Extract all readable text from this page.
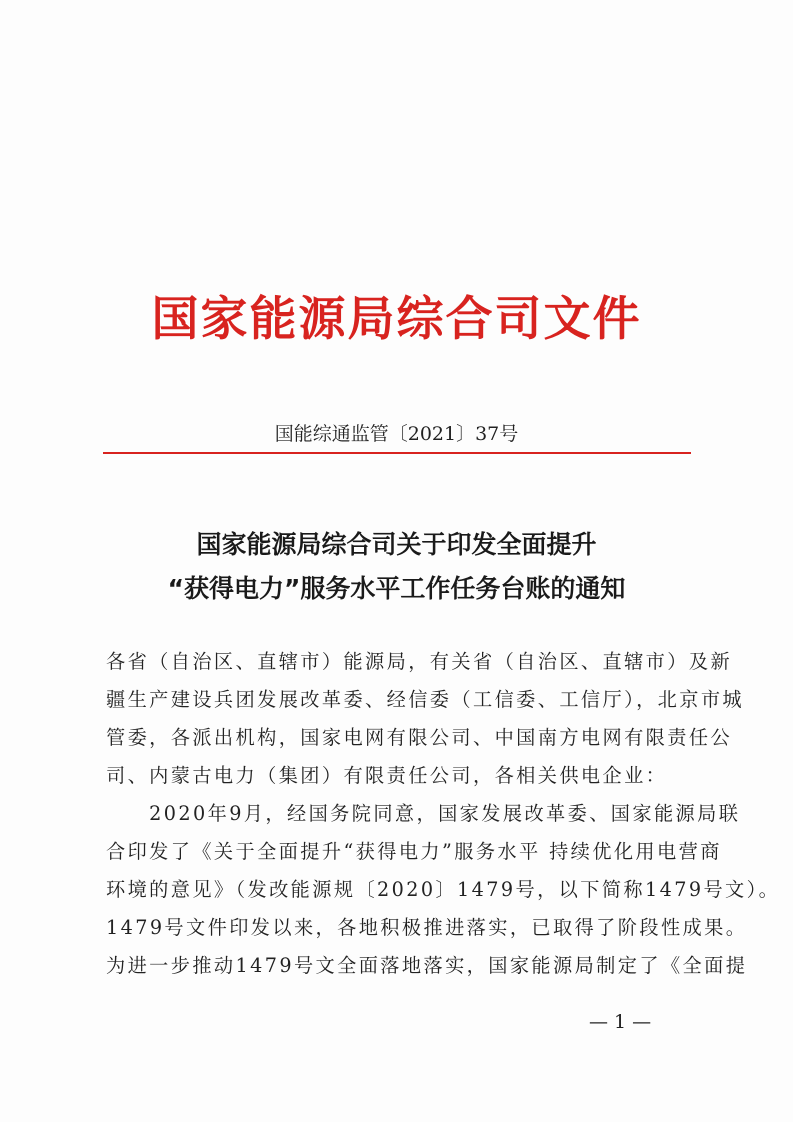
国家能源局综合司文件
国能综通监管〔2021〕37号
国家能源局综合司关于印发全面提升
“获得电力”服务水平工作任务台账的通知
各省（自治区、直辖市）能源局，有关省（自治区、直辖市）及新
疆生产建设兵团发展改革委、经信委（工信委、工信厅），北京市城
管委，各派出机构，国家电网有限公司、中国南方电网有限责任公
司、内蒙古电力（集团）有限责任公司，各相关供电企业：
　　2020年9月，经国务院同意，国家发展改革委、国家能源局联
合印发了《关于全面提升“获得电力”服务水平 持续优化用电营商
环境的意见》（发改能源规〔2020〕1479号，以下简称1479号文）。
1479号文件印发以来，各地积极推进落实，已取得了阶段性成果。
为进一步推动1479号文全面落地落实，国家能源局制定了《全面提
— 1 —
